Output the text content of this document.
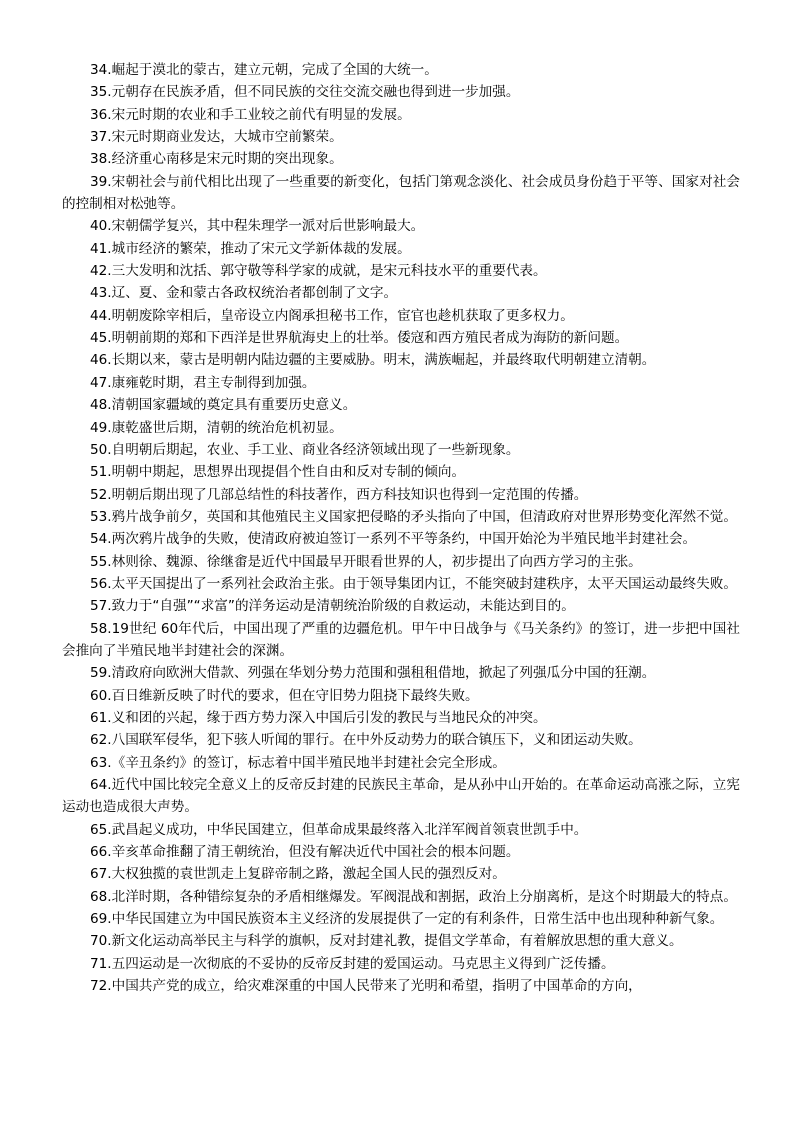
34.崛起于漠北的蒙古，建立元朝，完成了全国的大统一。

35.元朝存在民族矛盾，但不同民族的交往交流交融也得到进一步加强。

36.宋元时期的农业和手工业较之前代有明显的发展。

37.宋元时期商业发达，大城市空前繁荣。

38.经济重心南移是宋元时期的突出现象。

39.宋朝社会与前代相比出现了一些重要的新变化，包括门第观念淡化、社会成员身份趋于平等、国家对社会的控制相对松弛等。

40.宋朝儒学复兴，其中程朱理学一派对后世影响最大。

41.城市经济的繁荣，推动了宋元文学新体裁的发展。

42.三大发明和沈括、郭守敬等科学家的成就，是宋元科技水平的重要代表。

43.辽、夏、金和蒙古各政权统治者都创制了文字。

44.明朝废除宰相后，皇帝设立内阁承担秘书工作，宦官也趁机获取了更多权力。

45.明朝前期的郑和下西洋是世界航海史上的壮举。倭寇和西方殖民者成为海防的新问题。

46.长期以来，蒙古是明朝内陆边疆的主要威胁。明末，满族崛起，并最终取代明朝建立清朝。

47.康雍乾时期，君主专制得到加强。

48.清朝国家疆域的奠定具有重要历史意义。

49.康乾盛世后期，清朝的统治危机初显。

50.自明朝后期起，农业、手工业、商业各经济领域出现了一些新现象。

51.明朝中期起，思想界出现提倡个性自由和反对专制的倾向。

52.明朝后期出现了几部总结性的科技著作，西方科技知识也得到一定范围的传播。

53.鸦片战争前夕，英国和其他殖民主义国家把侵略的矛头指向了中国，但清政府对世界形势变化浑然不觉。

54.两次鸦片战争的失败，使清政府被迫签订一系列不平等条约，中国开始沦为半殖民地半封建社会。

55.林则徐、魏源、徐继畬是近代中国最早开眼看世界的人，初步提出了向西方学习的主张。

56.太平天国提出了一系列社会政治主张。由于领导集团内讧，不能突破封建秩序，太平天国运动最终失败。

57.致力于“自强”“求富”的洋务运动是清朝统治阶级的自救运动，未能达到目的。

58.19世纪 60年代后，中国出现了严重的边疆危机。甲午中日战争与《马关条约》的签订，进一步把中国社会推向了半殖民地半封建社会的深渊。

59.清政府向欧洲大借款、列强在华划分势力范围和强租租借地，掀起了列强瓜分中国的狂潮。

60.百日维新反映了时代的要求，但在守旧势力阻挠下最终失败。

61.义和团的兴起，缘于西方势力深入中国后引发的教民与当地民众的冲突。

62.八国联军侵华，犯下骇人听闻的罪行。在中外反动势力的联合镇压下，义和团运动失败。

63.《辛丑条约》的签订，标志着中国半殖民地半封建社会完全形成。

64.近代中国比较完全意义上的反帝反封建的民族民主革命，是从孙中山开始的。在革命运动高涨之际，立宪运动也造成很大声势。

65.武昌起义成功，中华民国建立，但革命成果最终落入北洋军阀首领袁世凯手中。

66.辛亥革命推翻了清王朝统治，但没有解决近代中国社会的根本问题。

67.大权独揽的袁世凯走上复辟帝制之路，激起全国人民的强烈反对。

68.北洋时期，各种错综复杂的矛盾相继爆发。军阀混战和割据，政治上分崩离析，是这个时期最大的特点。

69.中华民国建立为中国民族资本主义经济的发展提供了一定的有利条件，日常生活中也出现种种新气象。

70.新文化运动高举民主与科学的旗帜，反对封建礼教，提倡文学革命，有着解放思想的重大意义。

71.五四运动是一次彻底的不妥协的反帝反封建的爱国运动。马克思主义得到广泛传播。

72.中国共产党的成立，给灾难深重的中国人民带来了光明和希望，指明了中国革命的方向，
